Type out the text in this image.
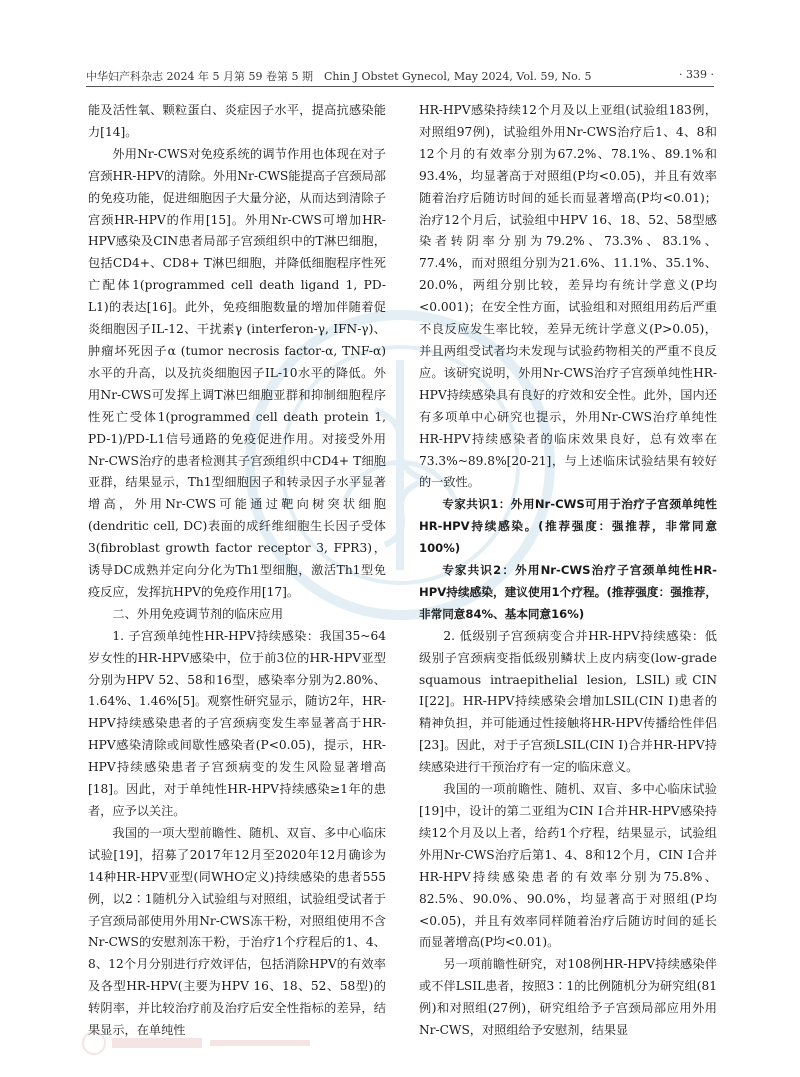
中华妇产科杂志 2024 年 5 月第 59 卷第 5 期　Chin J Obstet Gynecol, May 2024, Vol. 59, No. 5	· 339 ·

能及活性氧、颗粒蛋白、炎症因子水平，提高抗感染能力[14]。

外用Nr-CWS对免疫系统的调节作用也体现在对子宫颈HR-HPV的清除。外用Nr-CWS能提高子宫颈局部的免疫功能，促进细胞因子大量分泌，从而达到清除子宫颈HR-HPV的作用[15]。外用Nr-CWS可增加HR-HPV感染及CIN患者局部子宫颈组织中的T淋巴细胞，包括CD4+、CD8+ T淋巴细胞，并降低细胞程序性死亡配体1(programmed cell death ligand 1, PD-L1)的表达[16]。此外，免疫细胞数量的增加伴随着促炎细胞因子IL-12、干扰素γ (interferon-γ, IFN-γ)、肿瘤坏死因子α (tumor necrosis factor-α, TNF-α)水平的升高，以及抗炎细胞因子IL-10水平的降低。外用Nr-CWS可发挥上调T淋巴细胞亚群和抑制细胞程序性死亡受体1(programmed cell death protein 1, PD-1)/PD-L1信号通路的免疫促进作用。对接受外用Nr-CWS治疗的患者检测其子宫颈组织中CD4+ T细胞亚群，结果显示，Th1型细胞因子和转录因子水平显著增高，外用Nr-CWS可能通过靶向树突状细胞(dendritic cell, DC)表面的成纤维细胞生长因子受体3(fibroblast growth factor receptor 3, FPR3)，诱导DC成熟并定向分化为Th1型细胞，激活Th1型免疫反应，发挥抗HPV的免疫作用[17]。

二、外用免疫调节剂的临床应用

1. 子宫颈单纯性HR-HPV持续感染：我国35~64岁女性的HR-HPV感染中，位于前3位的HR-HPV亚型分别为HPV 52、58和16型，感染率分别为2.80%、1.64%、1.46%[5]。观察性研究显示，随访2年，HR-HPV持续感染患者的子宫颈病变发生率显著高于HR-HPV感染清除或间歇性感染者(P<0.05)，提示，HR-HPV持续感染患者子宫颈病变的发生风险显著增高[18]。因此，对于单纯性HR-HPV持续感染≥1年的患者，应予以关注。

我国的一项大型前瞻性、随机、双盲、多中心临床试验[19]，招募了2017年12月至2020年12月确诊为14种HR-HPV亚型(同WHO定义)持续感染的患者555例，以2∶1随机分入试验组与对照组，试验组受试者于子宫颈局部使用外用Nr-CWS冻干粉，对照组使用不含Nr-CWS的安慰剂冻干粉，于治疗1个疗程后的1、4、8、12个月分别进行疗效评估，包括消除HPV的有效率及各型HR-HPV(主要为HPV 16、18、52、58型)的转阴率，并比较治疗前及治疗后安全性指标的差异，结果显示，在单纯性

HR-HPV感染持续12个月及以上亚组(试验组183例，对照组97例)，试验组外用Nr-CWS治疗后1、4、8和12个月的有效率分别为67.2%、78.1%、89.1%和93.4%，均显著高于对照组(P均<0.05)，并且有效率随着治疗后随访时间的延长而显著增高(P均<0.01)；治疗12个月后，试验组中HPV 16、18、52、58型感染者转阴率分别为79.2%、73.3%、83.1%、77.4%，而对照组分别为21.6%、11.1%、35.1%、20.0%，两组分别比较，差异均有统计学意义(P均<0.001)；在安全性方面，试验组和对照组用药后严重不良反应发生率比较，差异无统计学意义(P>0.05)，并且两组受试者均未发现与试验药物相关的严重不良反应。该研究说明，外用Nr-CWS治疗子宫颈单纯性HR-HPV持续感染具有良好的疗效和安全性。此外，国内还有多项单中心研究也提示，外用Nr-CWS治疗单纯性HR-HPV持续感染者的临床效果良好，总有效率在73.3%~89.8%[20-21]，与上述临床试验结果有较好的一致性。

专家共识1：外用Nr-CWS可用于治疗子宫颈单纯性HR-HPV持续感染。(推荐强度：强推荐，非常同意100%)

专家共识2：外用Nr-CWS治疗子宫颈单纯性HR-HPV持续感染，建议使用1个疗程。(推荐强度：强推荐，非常同意84%、基本同意16%)

2. 低级别子宫颈病变合并HR-HPV持续感染：低级别子宫颈病变指低级别鳞状上皮内病变(low-grade squamous intraepithelial lesion, LSIL)或CIN Ⅰ[22]。HR-HPV持续感染会增加LSIL(CIN Ⅰ)患者的精神负担，并可能通过性接触将HR-HPV传播给性伴侣[23]。因此，对于子宫颈LSIL(CIN Ⅰ)合并HR-HPV持续感染进行干预治疗有一定的临床意义。

我国的一项前瞻性、随机、双盲、多中心临床试验[19]中，设计的第二亚组为CIN Ⅰ合并HR-HPV感染持续12个月及以上者，给药1个疗程，结果显示，试验组外用Nr-CWS治疗后第1、4、8和12个月，CIN Ⅰ合并HR-HPV持续感染患者的有效率分别为75.8%、82.5%、90.0%、90.0%，均显著高于对照组(P均<0.05)，并且有效率同样随着治疗后随访时间的延长而显著增高(P均<0.01)。

另一项前瞻性研究，对108例HR-HPV持续感染伴或不伴LSIL患者，按照3∶1的比例随机分为研究组(81例)和对照组(27例)，研究组给予子宫颈局部应用外用Nr-CWS，对照组给予安慰剂，结果显
